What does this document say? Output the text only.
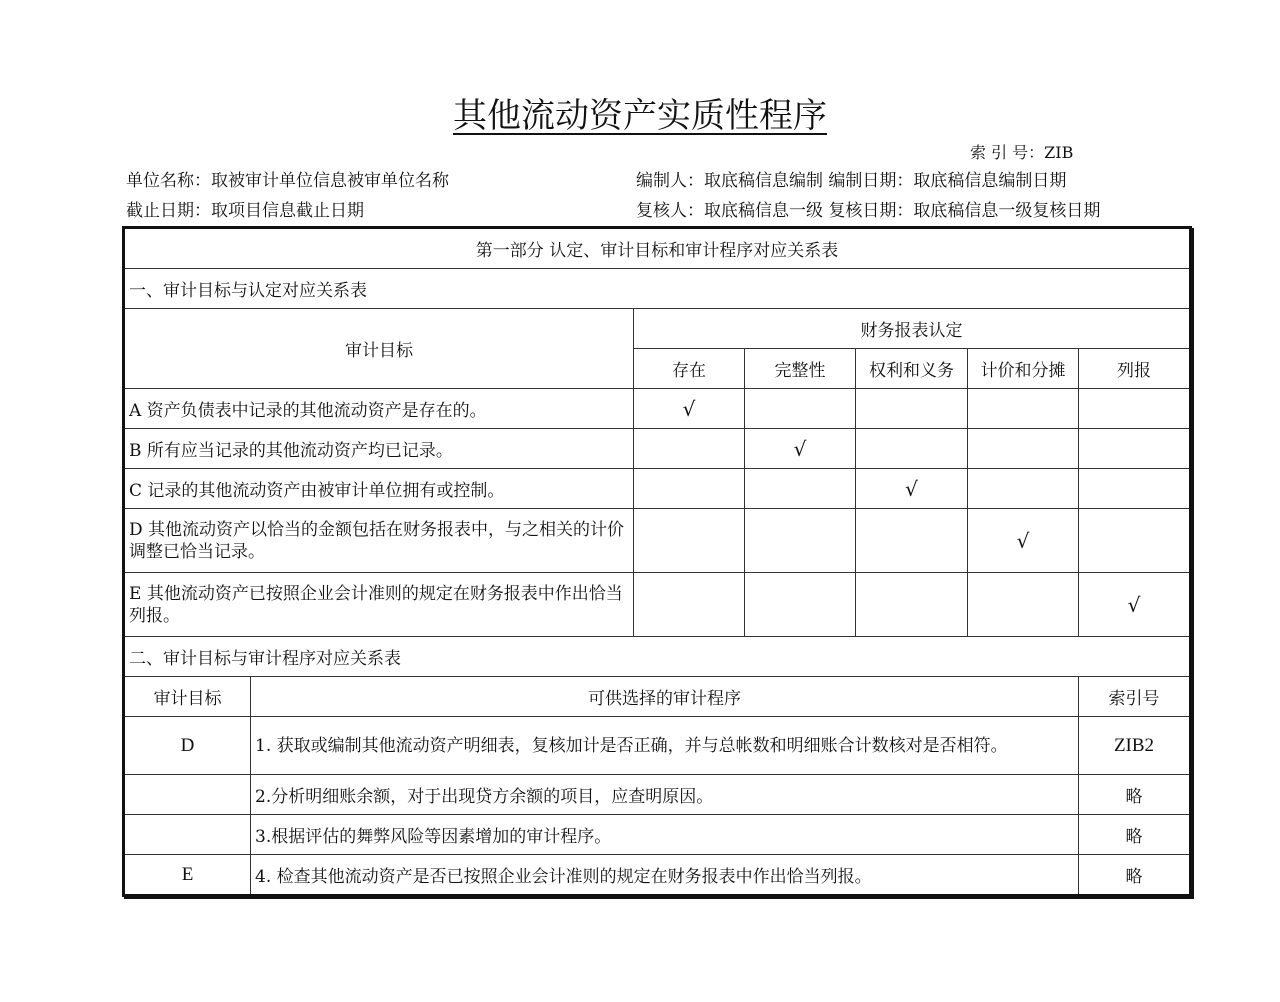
其他流动资产实质性程序
索 引 号：ZIB
单位名称：取被审计单位信息被审单位名称
截止日期：取项目信息截止日期
编制人：取底稿信息编制 编制日期：取底稿信息编制日期
复核人：取底稿信息一级 复核日期：取底稿信息一级复核日期
第一部分 认定、审计目标和审计程序对应关系表						
一、审计目标与认定对应关系表						
审计目标		财务报表认定				
		存在	完整性	权利和义务	计价和分摊	列报
A 资产负债表中记录的其他流动资产是存在的。		√				
B 所有应当记录的其他流动资产均已记录。			√			
C 记录的其他流动资产由被审计单位拥有或控制。				√		
D 其他流动资产以恰当的金额包括在财务报表中，与之相关的计价调整已恰当记录。					√	
E 其他流动资产已按照企业会计准则的规定在财务报表中作出恰当列报。						√
二、审计目标与审计程序对应关系表						
审计目标	可供选择的审计程序					索引号
D	1. 获取或编制其他流动资产明细表，复核加计是否正确，并与总帐数和明细账合计数核对是否相符。					ZIB2
	2.分析明细账余额，对于出现贷方余额的项目，应查明原因。					略
	3.根据评估的舞弊风险等因素增加的审计程序。					略
E	4. 检查其他流动资产是否已按照企业会计准则的规定在财务报表中作出恰当列报。					略
